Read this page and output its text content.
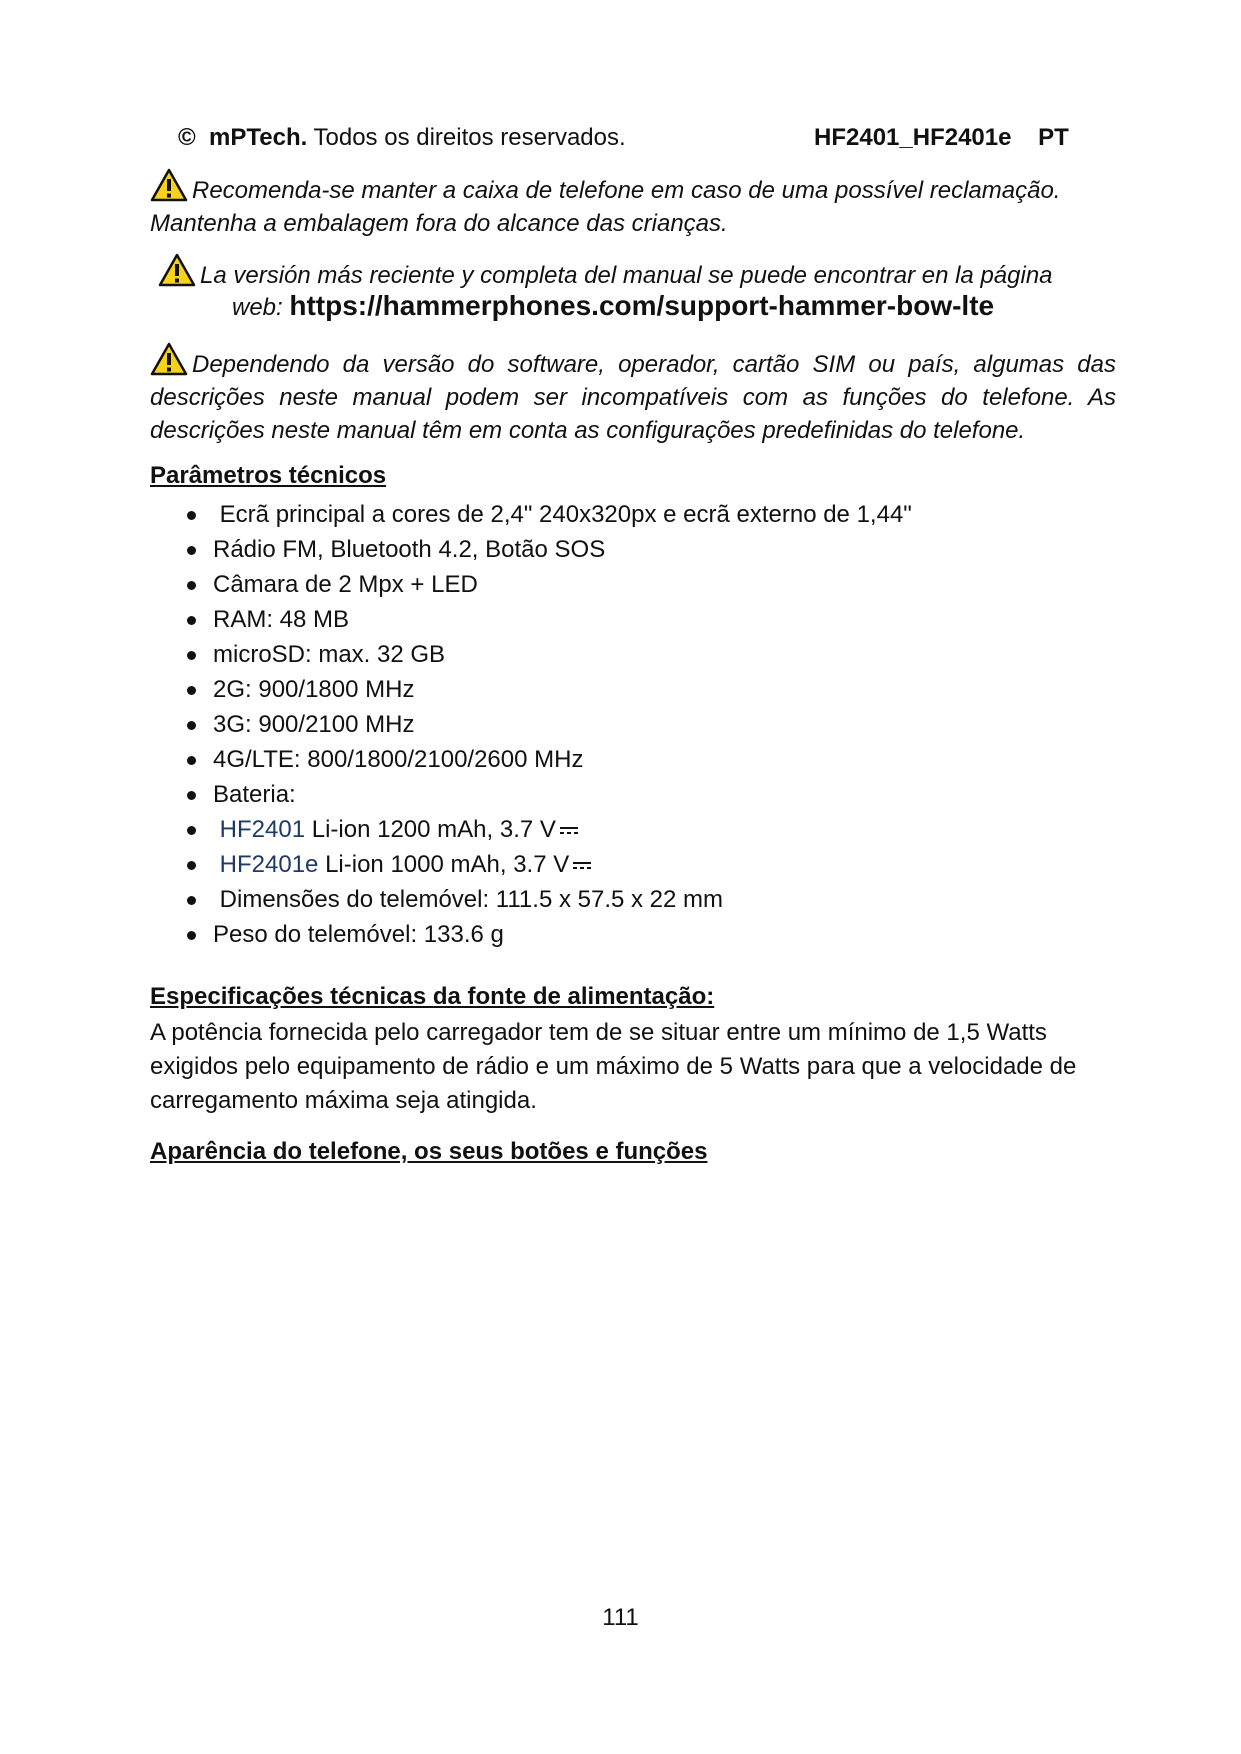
© mPTech. Todos os direitos reservados.	HF2401_HF2401e PT
Recomenda-se manter a caixa de telefone em caso de uma possível reclamação. Mantenha a embalagem fora do alcance das crianças.
La versión más reciente y completa del manual se puede encontrar en la página
web: https://hammerphones.com/support-hammer-bow-lte
Dependendo da versão do software, operador, cartão SIM ou país, algumas das descrições neste manual podem ser incompatíveis com as funções do telefone. As descrições neste manual têm em conta as configurações predefinidas do telefone.
Parâmetros técnicos
Ecrã principal a cores de 2,4" 240x320px e ecrã externo de 1,44"
Rádio FM, Bluetooth 4.2, Botão SOS
Câmara de 2 Mpx + LED
RAM: 48 MB
microSD: max. 32 GB
2G: 900/1800 MHz
3G: 900/2100 MHz
4G/LTE: 800/1800/2100/2600 MHz
Bateria:
HF2401 Li-ion 1200 mAh, 3.7 V
HF2401e Li-ion 1000 mAh, 3.7 V
Dimensões do telemóvel: 111.5 x 57.5 x 22 mm
Peso do telemóvel: 133.6 g
Especificações técnicas da fonte de alimentação:
A potência fornecida pelo carregador tem de se situar entre um mínimo de 1,5 Watts exigidos pelo equipamento de rádio e um máximo de 5 Watts para que a velocidade de carregamento máxima seja atingida.
Aparência do telefone, os seus botões e funções
111
